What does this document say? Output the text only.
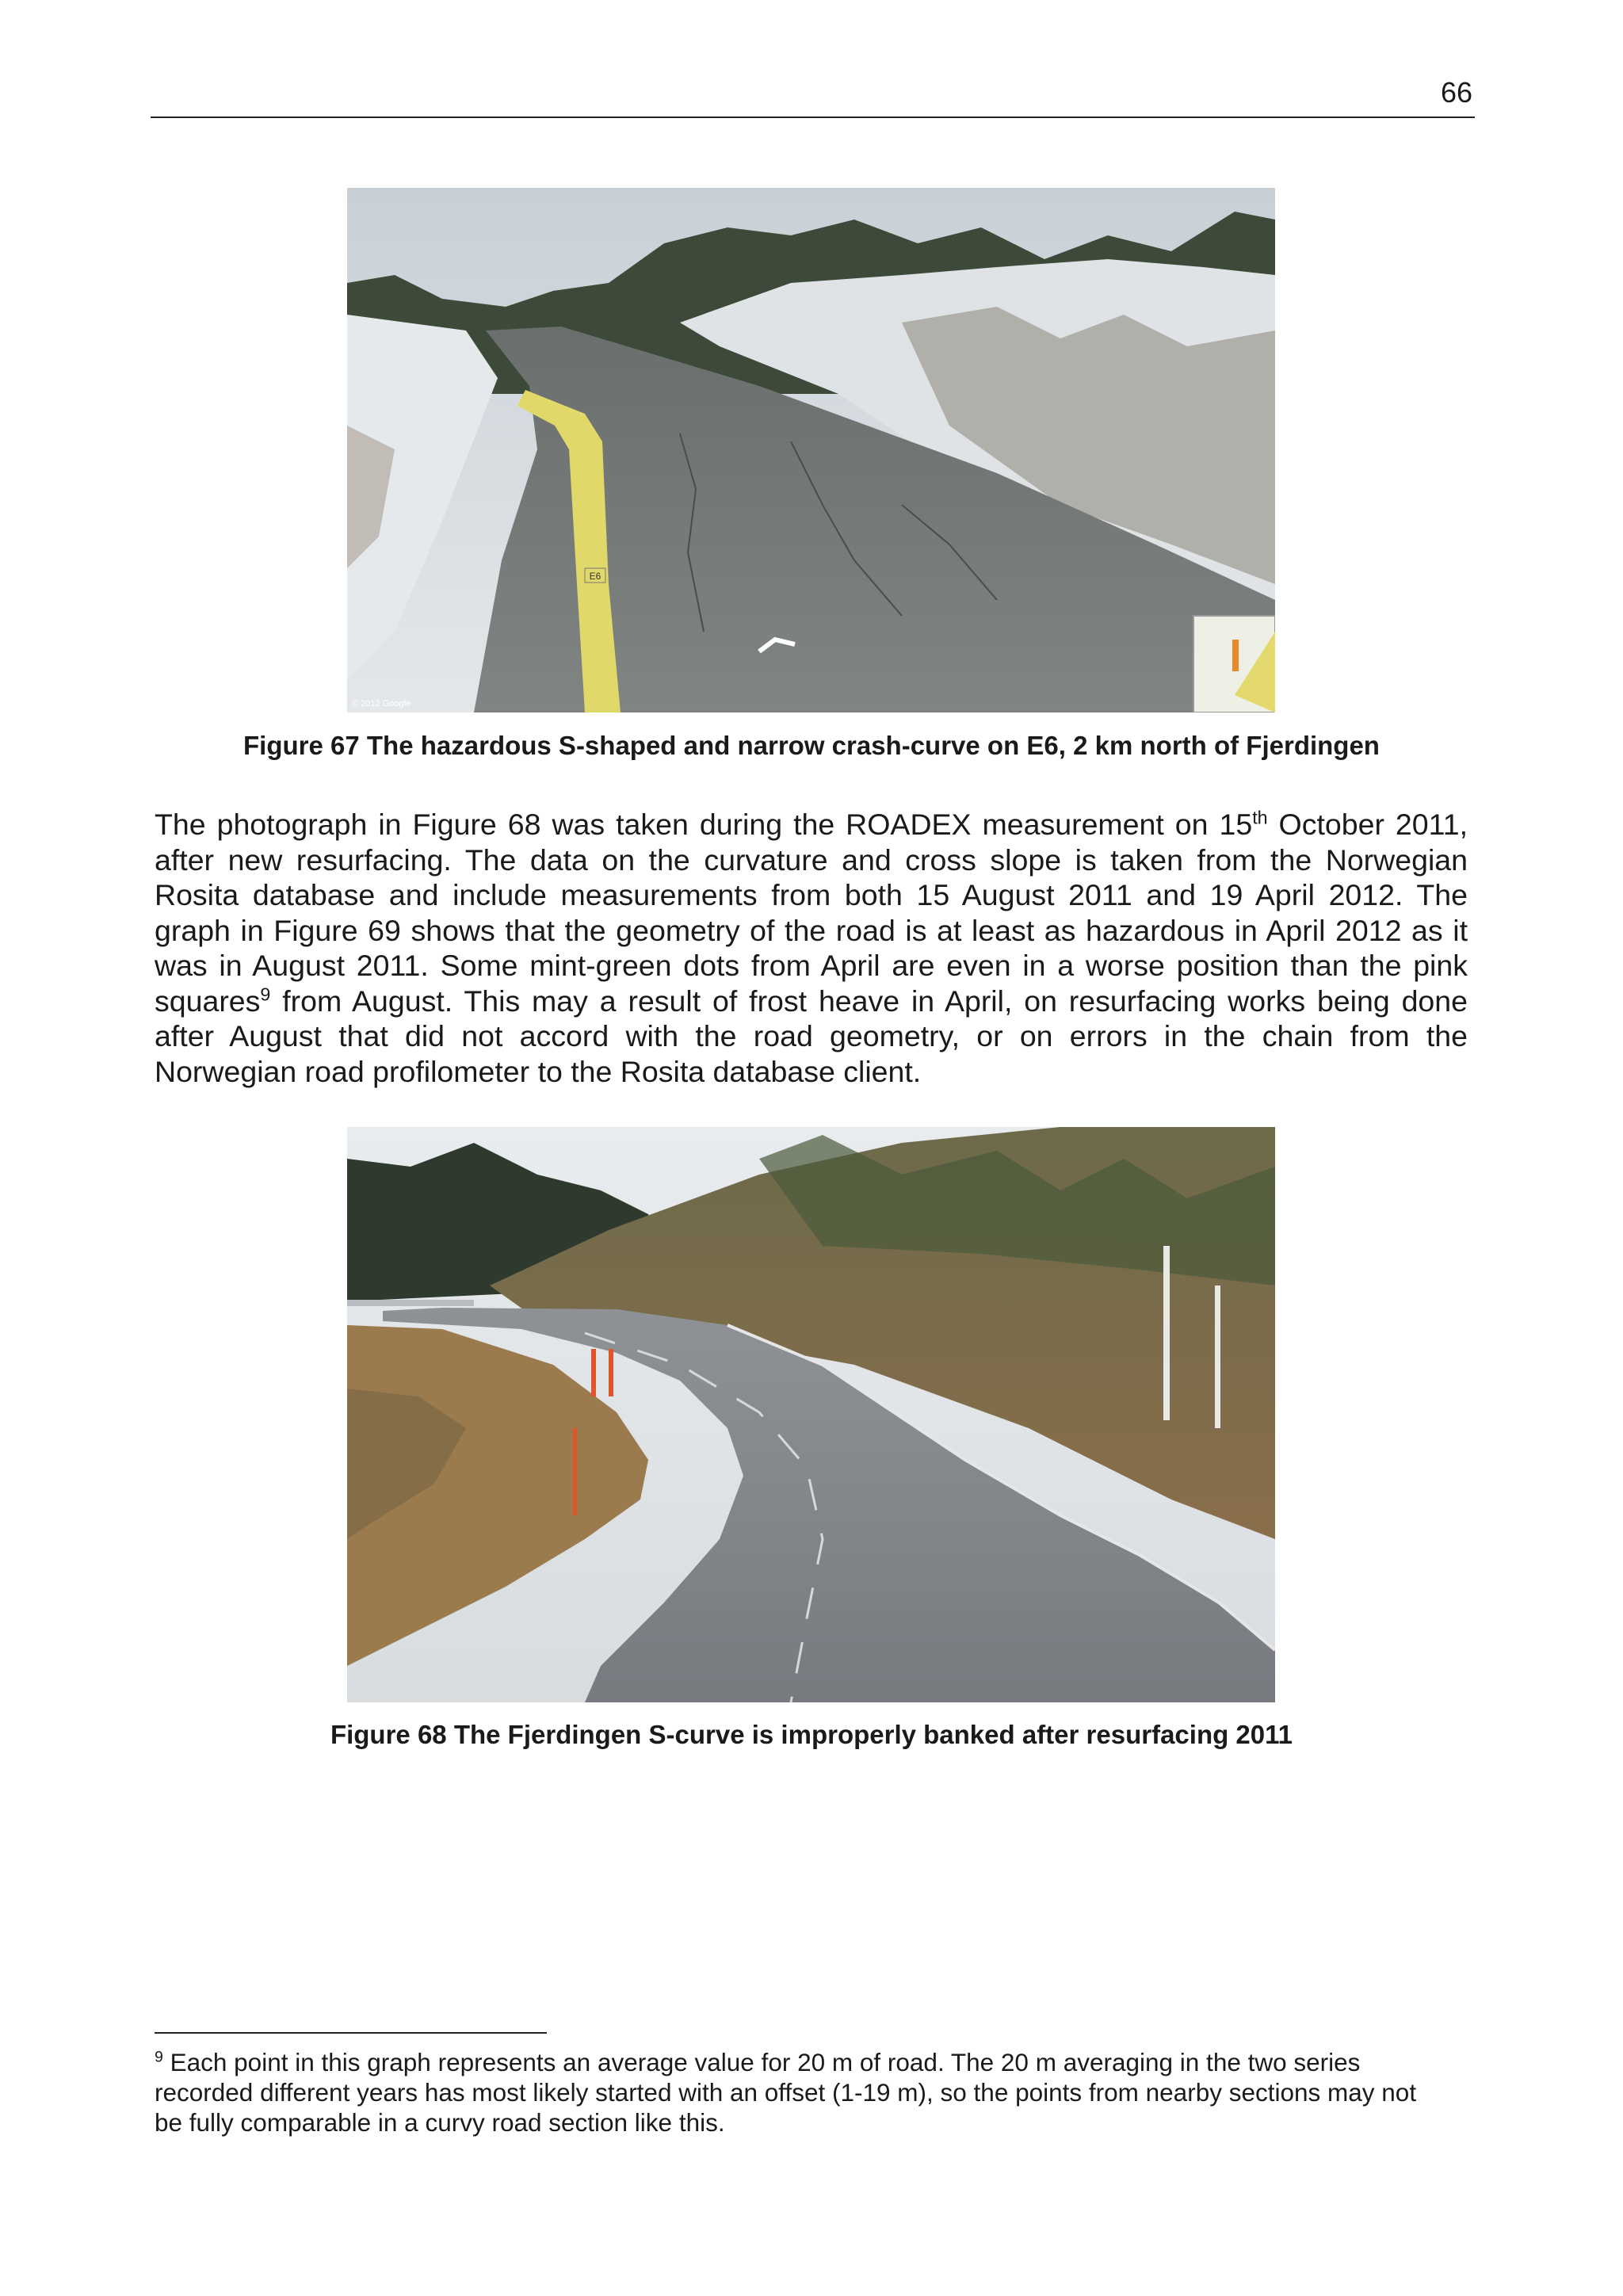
66
E6
© 2012 Google
Figure 67 The hazardous S-shaped and narrow crash-curve on E6, 2 km north of Fjerdingen

The photograph in Figure 68 was taken during the ROADEX measurement on 15th October 2011, after new resurfacing. The data on the curvature and cross slope is taken from the Norwegian Rosita database and include measurements from both 15 August 2011 and 19 April 2012. The graph in Figure 69 shows that the geometry of the road is at least as hazardous in April 2012 as it was in August 2011. Some mint-green dots from April are even in a worse position than the pink squares$^9$ from August. This may a result of frost heave in April, on resurfacing works being done after August that did not accord with the road geometry, or on errors in the chain from the Norwegian road profilometer to the Rosita database client.

Figure 68 The Fjerdingen S-curve is improperly banked after resurfacing 2011
$^9$ Each point in this graph represents an average value for 20 m of road. The 20 m averaging in the two series recorded different years has most likely started with an offset (1-19 m), so the points from nearby sections may not be fully comparable in a curvy road section like this.
